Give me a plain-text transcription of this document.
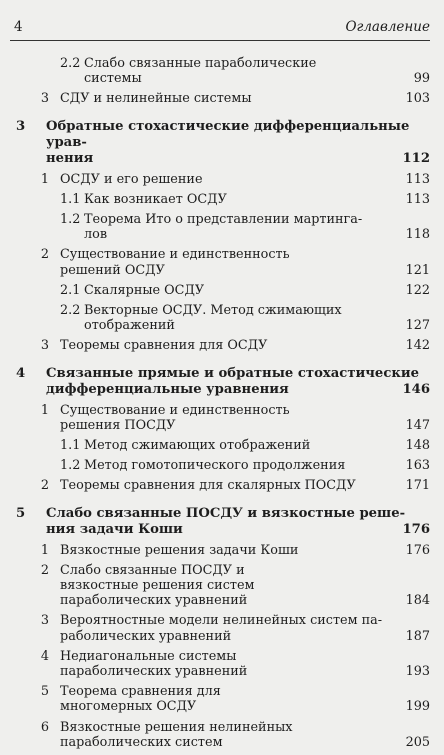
4	Оглавление
2.2 Слабо связанные параболические
системы	99
3 СДУ и нелинейные системы	103
3	Обратные стохастические дифференциальные урав-
нения	112
1 ОСДУ и его решение	113
1.1 Как возникает ОСДУ	113
1.2 Теорема Ито о представлении мартинга-
лов	118
2 Существование и единственность
решений ОСДУ	121
2.1 Скалярные ОСДУ	122
2.2 Векторные ОСДУ. Метод сжимающих
отображений	127
3 Теоремы сравнения для ОСДУ	142
4	Связанные прямые и обратные стохастические
дифференциальные уравнения	146
1 Существование и единственность
решения ПОСДУ	147
1.1 Метод сжимающих отображений	148
1.2 Метод гомотопического продолжения	163
2 Теоремы сравнения для скалярных ПОСДУ	171
5	Слабо связанные ПОСДУ и вязкостные реше-
ния задачи Коши	176
1 Вязкостные решения задачи Коши	176
2 Слабо связанные ПОСДУ и
вязкостные решения систем
параболических уравнений	184
3 Вероятностные модели нелинейных систем па-
раболических уравнений	187
4 Недиагональные системы
параболических уравнений	193
5 Теорема сравнения для
многомерных ОСДУ	199
6 Вязкостные решения нелинейных
параболических систем	205
